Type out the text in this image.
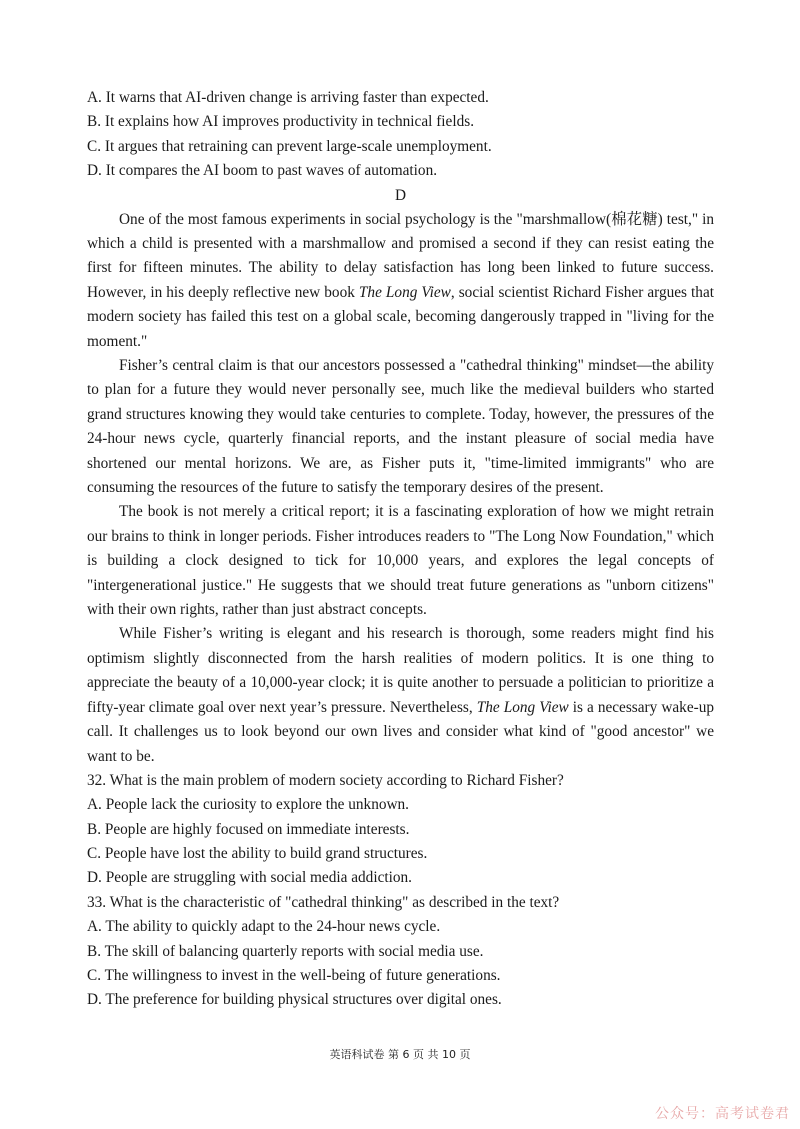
A. It warns that AI-driven change is arriving faster than expected.
B. It explains how AI improves productivity in technical fields.
C. It argues that retraining can prevent large-scale unemployment.
D. It compares the AI boom to past waves of automation.
D

One of the most famous experiments in social psychology is the "marshmallow(棉花糖) test," in which a child is presented with a marshmallow and promised a second if they can resist eating the first for fifteen minutes. The ability to delay satisfaction has long been linked to future success. However, in his deeply reflective new book The Long View, social scientist Richard Fisher argues that modern society has failed this test on a global scale, becoming dangerously trapped in "living for the moment."

Fisher’s central claim is that our ancestors possessed a "cathedral thinking" mindset—the ability to plan for a future they would never personally see, much like the medieval builders who started grand structures knowing they would take centuries to complete. Today, however, the pressures of the 24-hour news cycle, quarterly financial reports, and the instant pleasure of social media have shortened our mental horizons. We are, as Fisher puts it, "time-limited immigrants" who are consuming the resources of the future to satisfy the temporary desires of the present.

The book is not merely a critical report; it is a fascinating exploration of how we might retrain our brains to think in longer periods. Fisher introduces readers to "The Long Now Foundation," which is building a clock designed to tick for 10,000 years, and explores the legal concepts of "intergenerational justice." He suggests that we should treat future generations as "unborn citizens" with their own rights, rather than just abstract concepts.

While Fisher’s writing is elegant and his research is thorough, some readers might find his optimism slightly disconnected from the harsh realities of modern politics. It is one thing to appreciate the beauty of a 10,000-year clock; it is quite another to persuade a politician to prioritize a fifty-year climate goal over next year’s pressure. Nevertheless, The Long View is a necessary wake-up call. It challenges us to look beyond our own lives and consider what kind of "good ancestor" we want to be.

32. What is the main problem of modern society according to Richard Fisher?
A. People lack the curiosity to explore the unknown.
B. People are highly focused on immediate interests.
C. People have lost the ability to build grand structures.
D. People are struggling with social media addiction.
33. What is the characteristic of "cathedral thinking" as described in the text?
A. The ability to quickly adapt to the 24-hour news cycle.
B. The skill of balancing quarterly reports with social media use.
C. The willingness to invest in the well-being of future generations.
D. The preference for building physical structures over digital ones.
英语科试卷 第 6 页 共 10 页
公众号：高考试卷君
